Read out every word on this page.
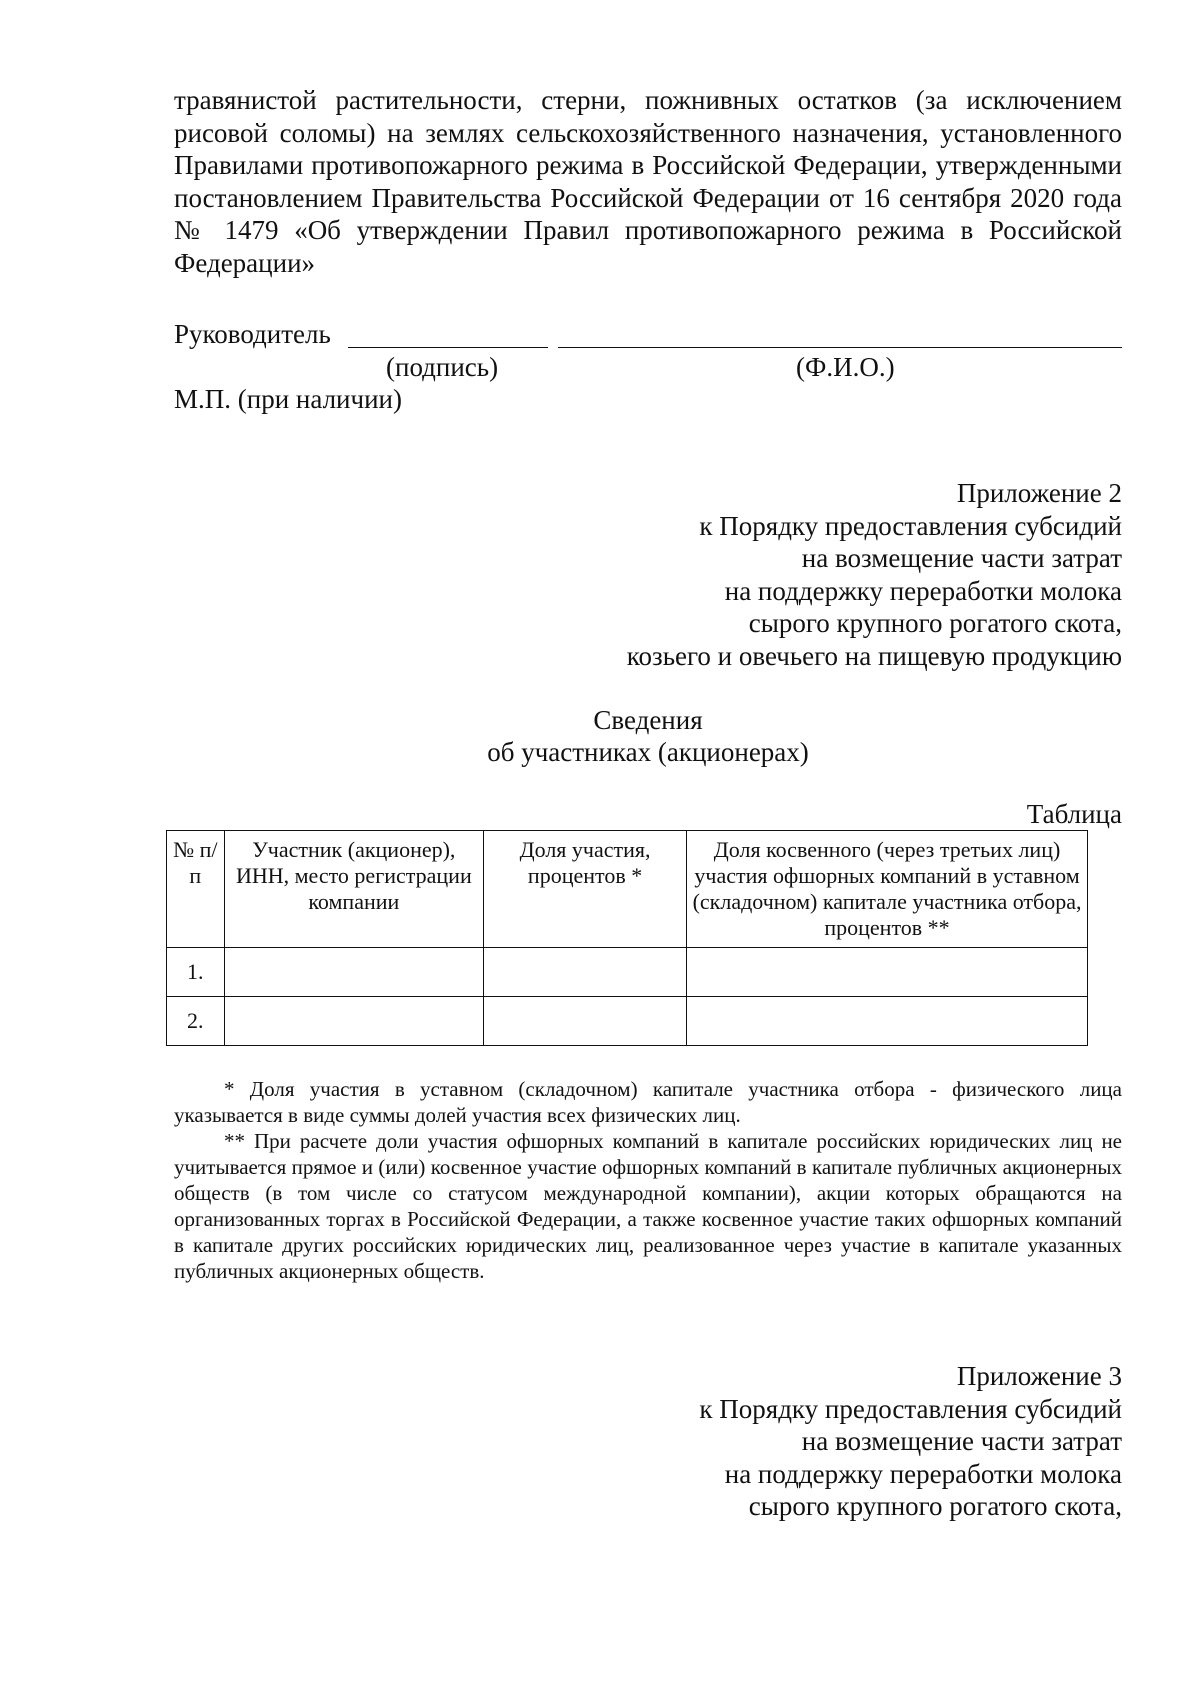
травянистой растительности, стерни, пожнивных остатков (за исключением рисовой соломы) на землях сельскохозяйственного назначения, установленного Правилами противопожарного режима в Российской Федерации, утвержденными постановлением Правительства Российской Федерации от 16 сентября 2020 года № 1479 «Об утверждении Правил противопожарного режима в Российской Федерации»

Руководитель
(подпись)	(Ф.И.О.)

М.П. (при наличии)

Приложение 2
к Порядку предоставления субсидий
на возмещение части затрат
на поддержку переработки молока
сырого крупного рогатого скота,
козьего и овечьего на пищевую продукцию

Сведения

об участниках (акционерах)

Таблица

№ п/п	Участник (акционер), ИНН, место регистрации компании	Доля участия, процентов *	Доля косвенного (через третьих лиц) участия офшорных компаний в уставном (складочном) капитале участника отбора, процентов **
1.			
2.			

* Доля участия в уставном (складочном) капитале участника отбора - физического лица указывается в виде суммы долей участия всех физических лиц.

** При расчете доли участия офшорных компаний в капитале российских юридических лиц не учитывается прямое и (или) косвенное участие офшорных компаний в капитале публичных акционерных обществ (в том числе со статусом международной компании), акции которых обращаются на организованных торгах в Российской Федерации, а также косвенное участие таких офшорных компаний в капитале других российских юридических лиц, реализованное через участие в капитале указанных публичных акционерных обществ.

Приложение 3
к Порядку предоставления субсидий
на возмещение части затрат
на поддержку переработки молока
сырого крупного рогатого скота,
